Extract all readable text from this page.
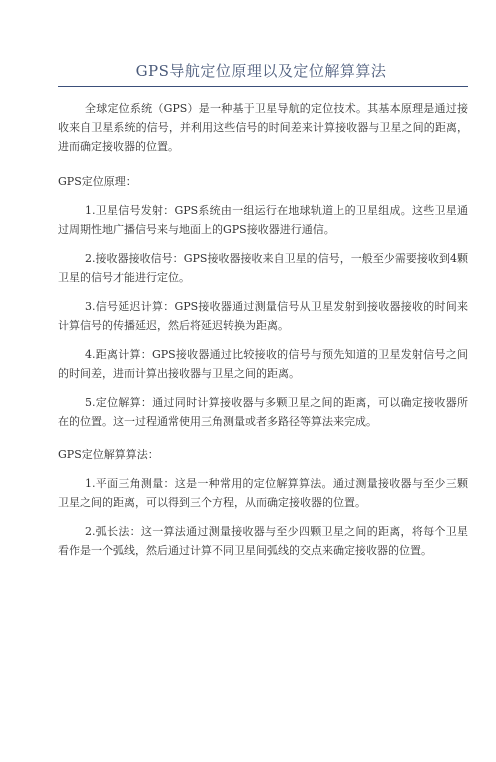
GPS导航定位原理以及定位解算算法

全球定位系统（GPS）是一种基于卫星导航的定位技术。其基本原理是通过接收来自卫星系统的信号，并利用这些信号的时间差来计算接收器与卫星之间的距离，进而确定接收器的位置。

GPS定位原理：

1.卫星信号发射：GPS系统由一组运行在地球轨道上的卫星组成。这些卫星通过周期性地广播信号来与地面上的GPS接收器进行通信。

2.接收器接收信号：GPS接收器接收来自卫星的信号，一般至少需要接收到4颗卫星的信号才能进行定位。

3.信号延迟计算：GPS接收器通过测量信号从卫星发射到接收器接收的时间来计算信号的传播延迟，然后将延迟转换为距离。

4.距离计算：GPS接收器通过比较接收的信号与预先知道的卫星发射信号之间的时间差，进而计算出接收器与卫星之间的距离。

5.定位解算：通过同时计算接收器与多颗卫星之间的距离，可以确定接收器所在的位置。这一过程通常使用三角测量或者多路径等算法来完成。

GPS定位解算算法：

1.平面三角测量：这是一种常用的定位解算算法。通过测量接收器与至少三颗卫星之间的距离，可以得到三个方程，从而确定接收器的位置。

2.弧长法：这一算法通过测量接收器与至少四颗卫星之间的距离，将每个卫星看作是一个弧线，然后通过计算不同卫星间弧线的交点来确定接收器的位置。
